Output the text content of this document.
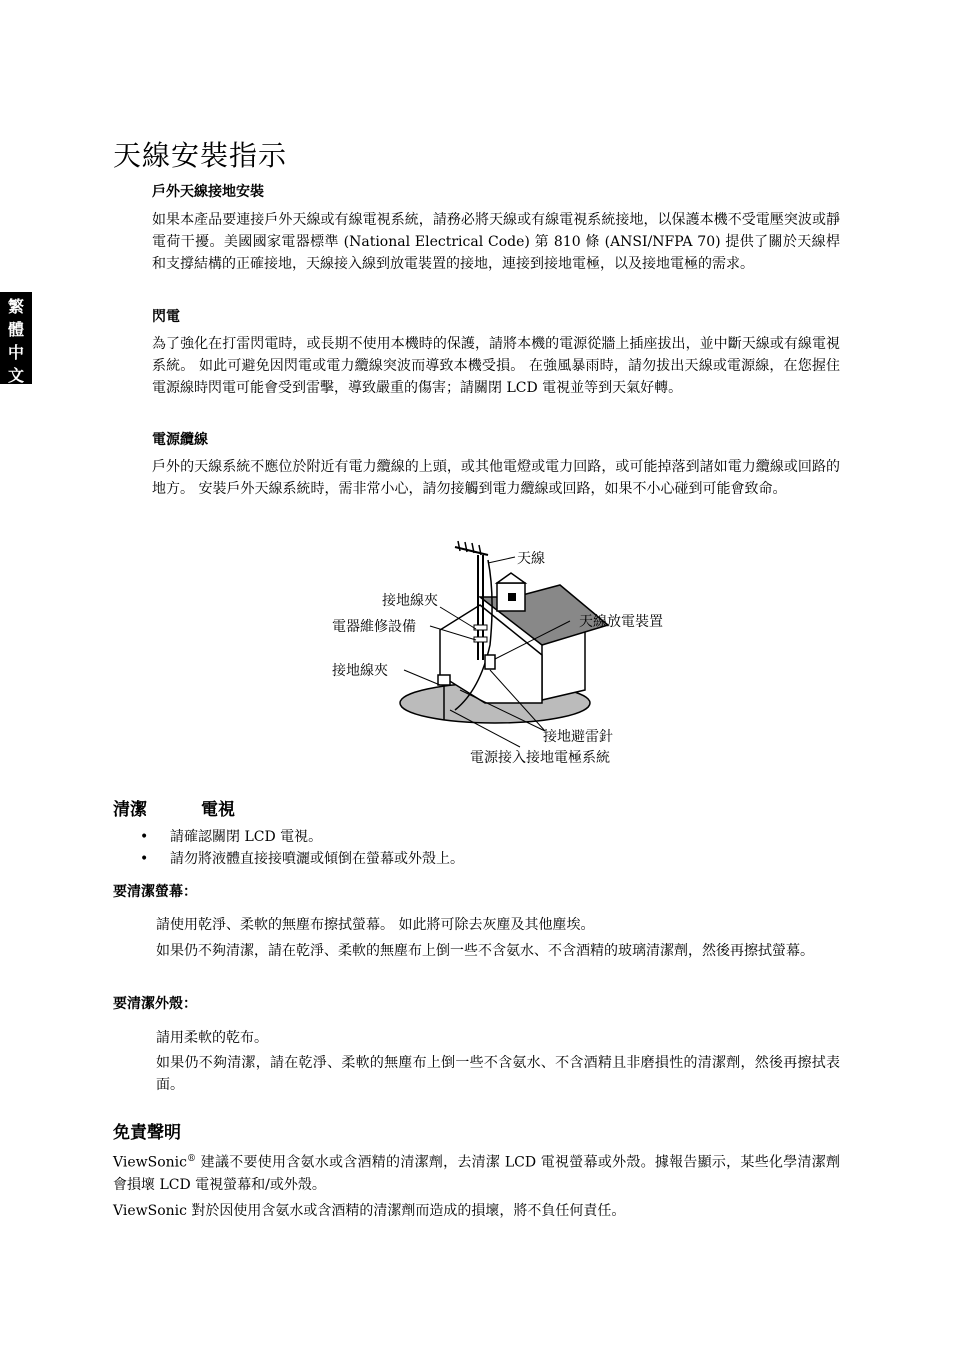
繁
體
中
文
天線安裝指示
戶外天線接地安裝
如果本產品要連接戶外天線或有線電視系統，請務必將天線或有線電視系統接地，以保護本機不受電壓突波或靜電荷干擾。美國國家電器標準 (National Electrical Code) 第 810 條 (ANSI/NFPA 70) 提供了關於天線桿和支撐結構的正確接地，天線接入線到放電裝置的接地，連接到接地電極，以及接地電極的需求。
閃電
為了強化在打雷閃電時，或長期不使用本機時的保護，請將本機的電源從牆上插座拔出，並中斷天線或有線電視系統。 如此可避免因閃電或電力纜線突波而導致本機受損。 在強風暴雨時，請勿拔出天線或電源線，在您握住電源線時閃電可能會受到雷擊，導致嚴重的傷害；請關閉 LCD 電視並等到天氣好轉。
電源纜線
戶外的天線系統不應位於附近有電力纜線的上頭，或其他電燈或電力回路，或可能掉落到諸如電力纜線或回路的地方。 安裝戶外天線系統時，需非常小心，請勿接觸到電力纜線或回路，如果不小心碰到可能會致命。
天線
接地線夾
電器維修設備	天線放電裝置
接地線夾
接地避雷針
電源接入接地電極系統
清潔	電視
• 請確認關閉 LCD 電視。
• 請勿將液體直接接噴灑或傾倒在螢幕或外殼上。
要清潔螢幕：
請使用乾淨、柔軟的無塵布擦拭螢幕。 如此將可除去灰塵及其他塵埃。
如果仍不夠清潔，請在乾淨、柔軟的無塵布上倒一些不含氨水、不含酒精的玻璃清潔劑，然後再擦拭螢幕。
要清潔外殼：
請用柔軟的乾布。
如果仍不夠清潔，請在乾淨、柔軟的無塵布上倒一些不含氨水、不含酒精且非磨損性的清潔劑，然後再擦拭表面。
免責聲明
ViewSonic® 建議不要使用含氨水或含酒精的清潔劑，去清潔 LCD 電視螢幕或外殼。據報告顯示，某些化學清潔劑會損壞 LCD 電視螢幕和/或外殼。
ViewSonic 對於因使用含氨水或含酒精的清潔劑而造成的損壞，將不負任何責任。
